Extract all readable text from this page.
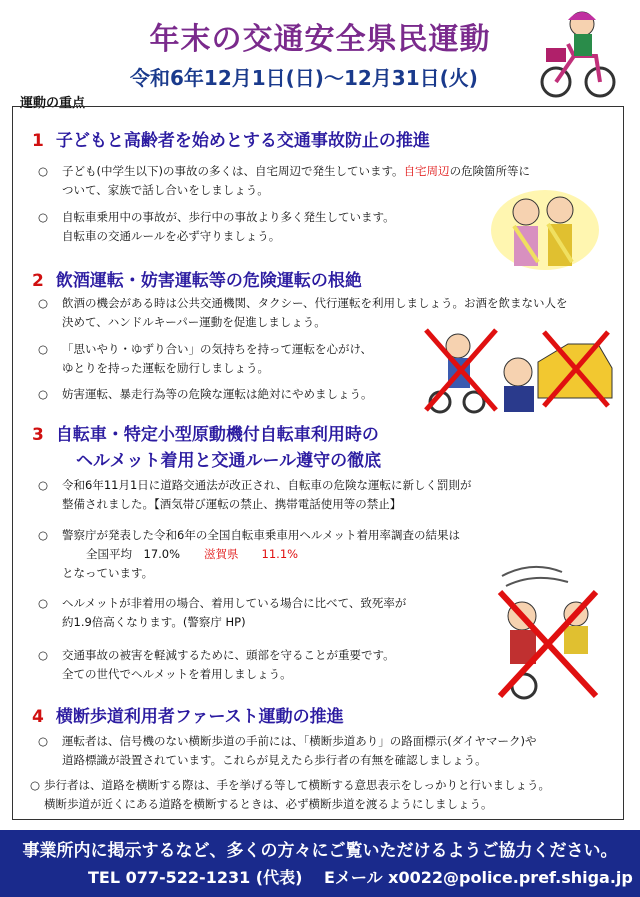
年末の交通安全県民運動
令和6年12月1日(日)～12月31日(火)
運動の重点
1 子どもと高齢者を始めとする交通事故防止の推進
○ 子ども(中学生以下)の事故の多くは、自宅周辺で発生しています。自宅周辺の危険箇所等に
ついて、家族で話し合いをしましょう。
○ 自転車乗用中の事故が、歩行中の事故より多く発生しています。
自転車の交通ルールを必ず守りましょう。
2 飲酒運転・妨害運転等の危険運転の根絶
○ 飲酒の機会がある時は公共交通機関、タクシー、代行運転を利用しましょう。お酒を飲まない人を
決めて、ハンドルキーパー運動を促進しましょう。
○ 「思いやり・ゆずり合い」の気持ちを持って運転を心がけ、
ゆとりを持った運転を励行しましょう。
○ 妨害運転、暴走行為等の危険な運転は絶対にやめましょう。
3 自転車・特定小型原動機付自転車利用時の
ヘルメット着用と交通ルール遵守の徹底
○ 令和6年11月1日に道路交通法が改正され、自転車の危険な運転に新しく罰則が
整備されました。【酒気帯び運転の禁止、携帯電話使用等の禁止】
○ 警察庁が発表した令和6年の全国自転車乗車用ヘルメット着用率調査の結果は
全国平均　17.0% 滋賀県　　11.1%
となっています。
○ ヘルメットが非着用の場合、着用している場合に比べて、致死率が
約1.9倍高くなります。(警察庁 HP)
○ 交通事故の被害を軽減するために、頭部を守ることが重要です。
全ての世代でヘルメットを着用しましょう。
4 横断歩道利用者ファースト運動の推進
○ 運転者は、信号機のない横断歩道の手前には、「横断歩道あり」の路面標示(ダイヤマーク)や
道路標識が設置されています。これらが見えたら歩行者の有無を確認しましょう。
○ 歩行者は、道路を横断する際は、手を挙げる等して横断する意思表示をしっかりと行いましょう。
横断歩道が近くにある道路を横断するときは、必ず横断歩道を渡るようにしましょう。
事業所内に掲示するなど、多くの方々にご覧いただけるようご協力ください。
TEL 077-522-1231 (代表)　 Eメール x0022@police.pref.shiga.jp
